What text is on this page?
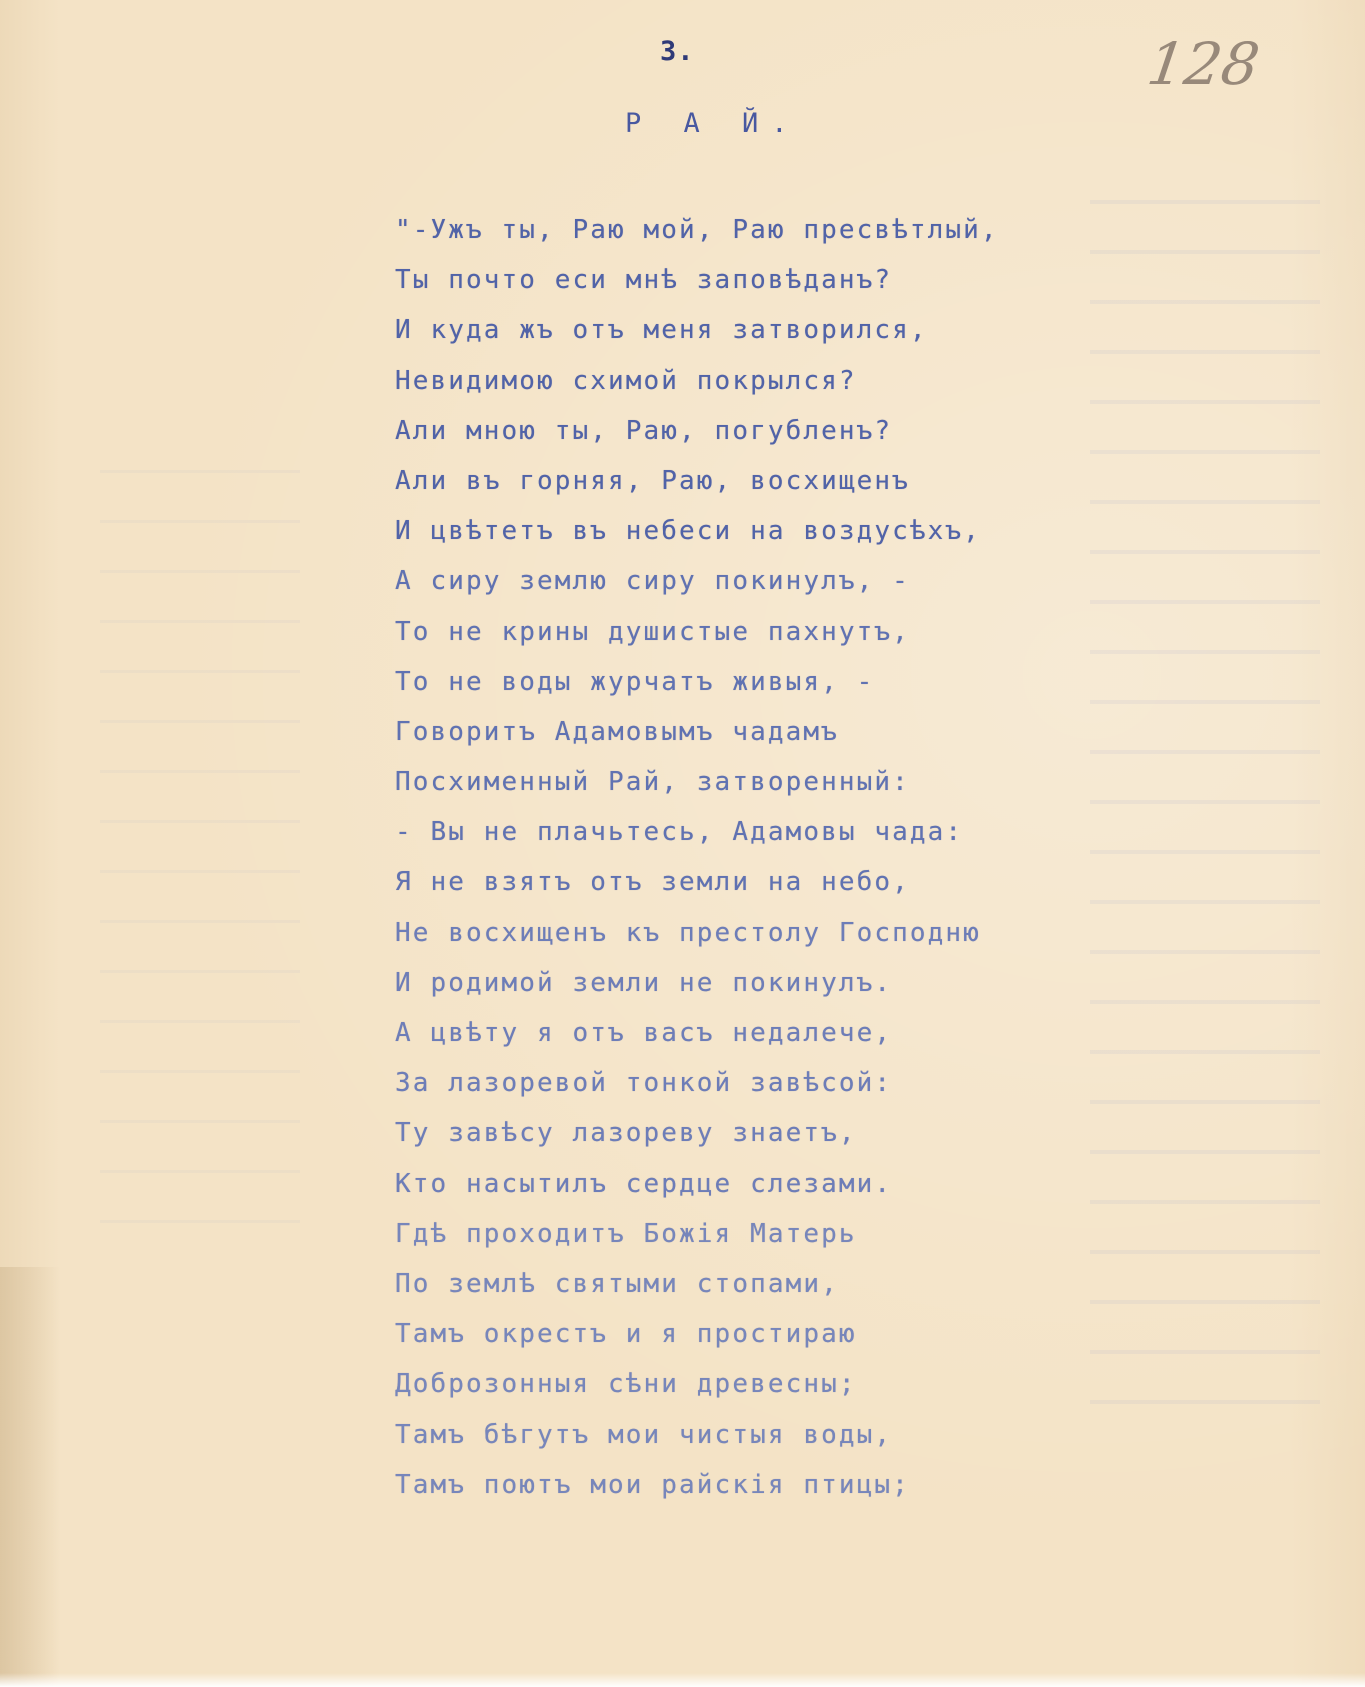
3.	128
Р А Й.
"-Ужъ ты, Раю мой, Раю пресвѣтлый,
Ты почто еси мнѣ заповѣданъ?
И куда жъ отъ меня затворился,
Невидимою схимой покрылся?
Али мною ты, Раю, погубленъ?
Али въ горняя, Раю, восхищенъ
И цвѣтетъ въ небеси на воздусѣхъ,
А сиру землю сиру покинулъ, -
То не крины душистые пахнутъ,
То не воды журчатъ живыя, -
Говоритъ Адамовымъ чадамъ
Посхименный Рай, затворенный:
- Вы не плачьтесь, Адамовы чада:
Я не взятъ отъ земли на небо,
Не восхищенъ къ престолу Господню
И родимой земли не покинулъ.
А цвѣту я отъ васъ недалече,
За лазоревой тонкой завѣсой:
Ту завѣсу лазореву знаетъ,
Кто насытилъ сердце слезами.
Гдѣ проходитъ Божія Матерь
По землѣ святыми стопами,
Тамъ окрестъ и я простираю
Доброзонныя сѣни древесны;
Тамъ бѣгутъ мои чистыя воды,
Тамъ поютъ мои райскія птицы;
